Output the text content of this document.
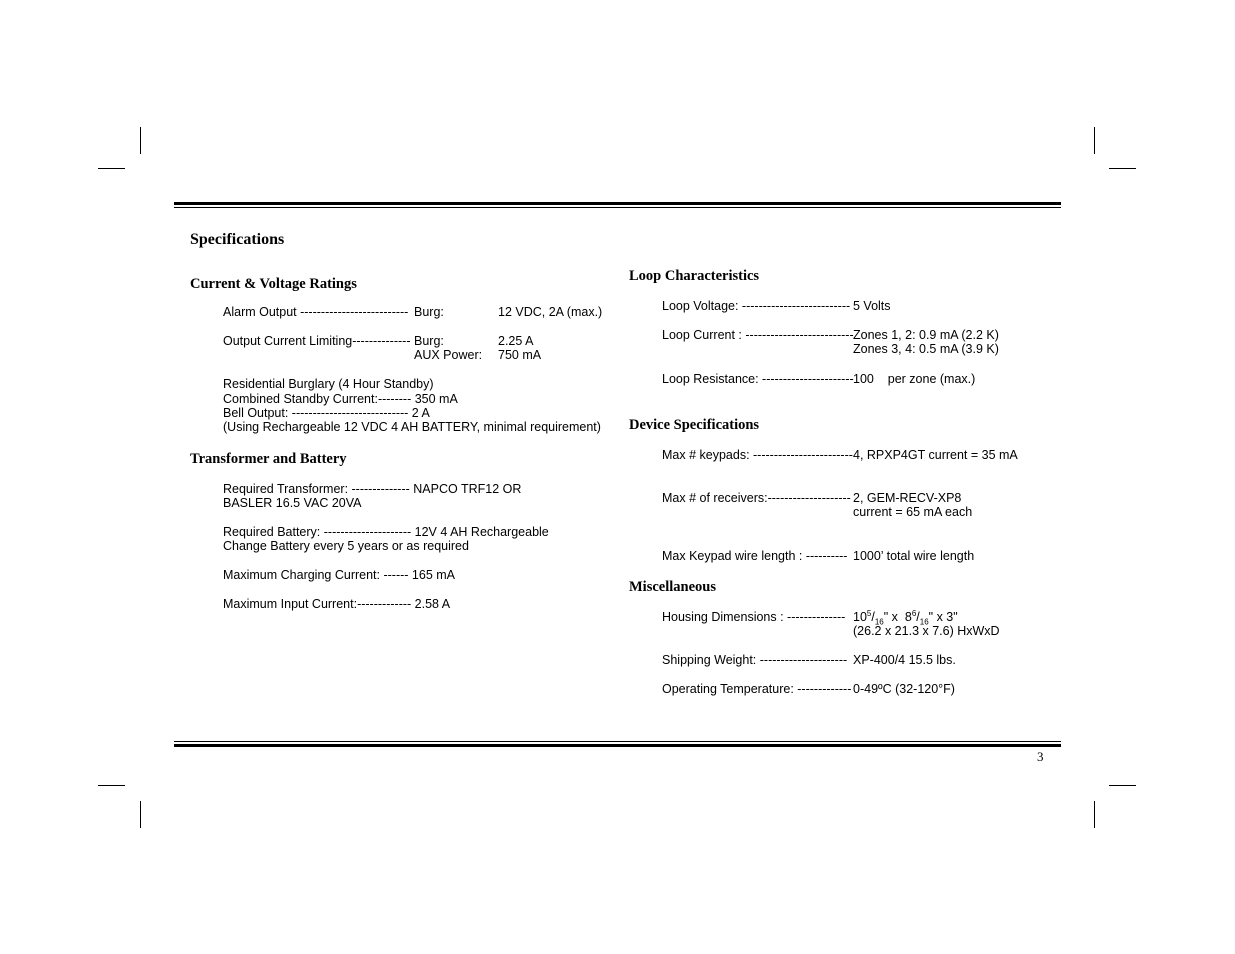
3
Specifications
Current & Voltage Ratings
Alarm Output -------------------------- Burg:	12 VDC, 2A (max.)
Output Current Limiting-------------- Burg:	2.25 A
AUX Power: 750 mA
Residential Burglary (4 Hour Standby)
Combined Standby Current:-------- 350 mA
Bell Output: ---------------------------- 2 A
(Using Rechargeable 12 VDC 4 AH BATTERY, minimal requirement)
Transformer and Battery
Required Transformer: -------------- NAPCO TRF12 OR
BASLER 16.5 VAC 20VA
Required Battery: --------------------- 12V 4 AH Rechargeable
Change Battery every 5 years or as required
Maximum Charging Current: ------ 165 mA
Maximum Input Current:------------- 2.58 A
Loop Characteristics
Loop Voltage: -------------------------- 5 Volts
Loop Current : -------------------------- Zones 1, 2: 0.9 mA (2.2 K)
Zones 3, 4: 0.5 mA (3.9 K)
Loop Resistance: ---------------------- 100    per zone (max.)
Device Specifications
Max # keypads: ------------------------ 4, RPXP4GT current = 35 mA
Max # of receivers:-------------------- 2, GEM-RECV-XP8
current = 65 mA each
Max Keypad wire length : ---------- 1000’ total wire length
Miscellaneous
Housing Dimensions : -------------- $10^5/_{16}$" x  $8^6/_{16}$" x 3"
(26.2 x 21.3 x 7.6) HxWxD
Shipping Weight: --------------------- XP-400/4 15.5 lbs.
Operating Temperature: ------------- 0-49ºC (32-120°F)
